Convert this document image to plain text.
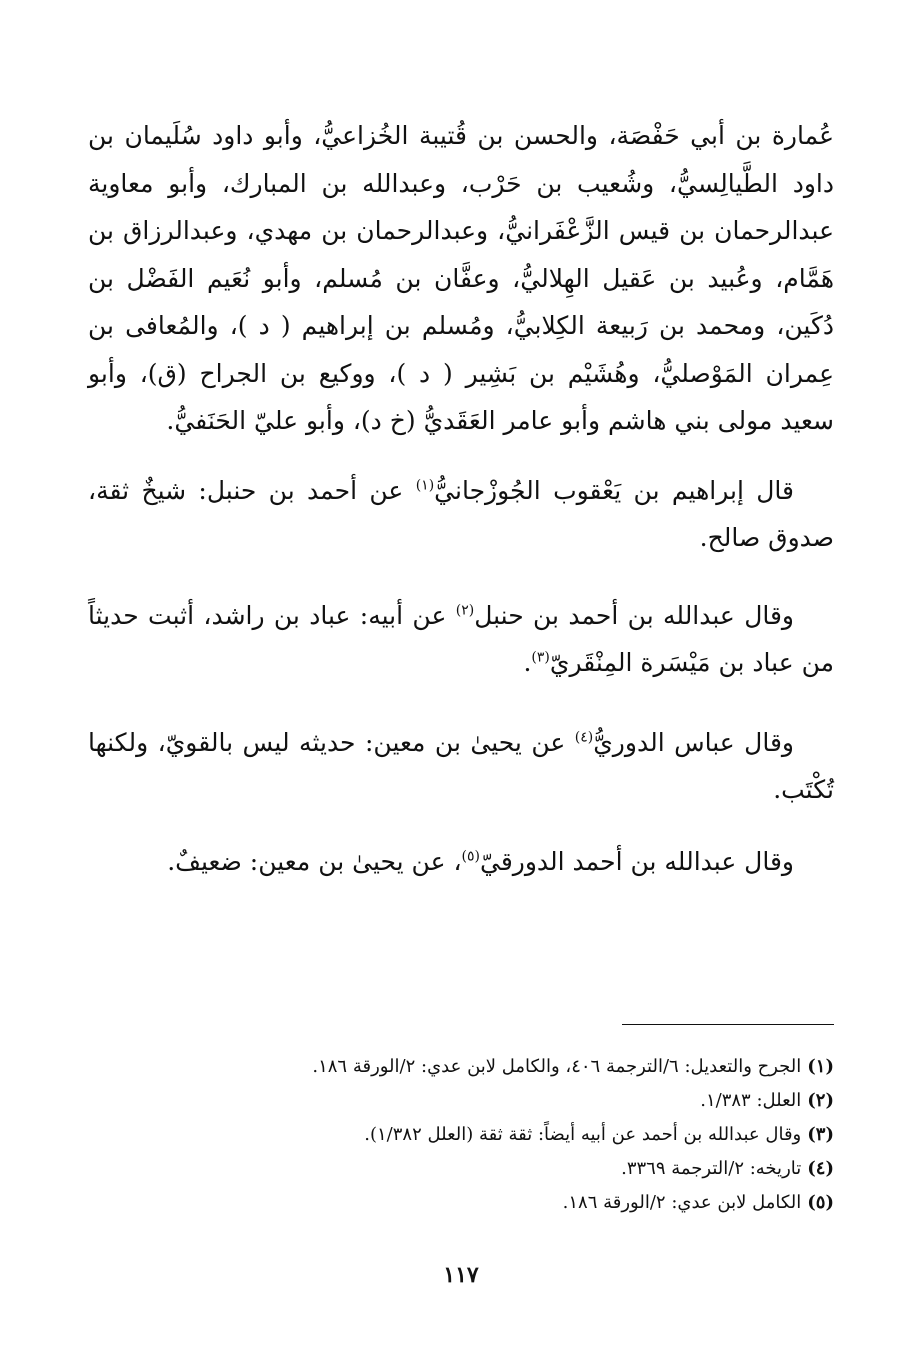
عُمارة بن أبي حَفْصَة، والحسن بن قُتيبة الخُزاعيُّ، وأبو داود سُلَيمان بن داود الطَّيالِسيُّ، وشُعيب بن حَرْب، وعبدالله بن المبارك، وأبو معاوية عبدالرحمان بن قيس الزَّعْفَرانيُّ، وعبدالرحمان بن مهدي، وعبدالرزاق بن هَمَّام، وعُبيد بن عَقيل الهِلاليُّ، وعفَّان بن مُسلم، وأبو نُعَيم الفَضْل بن دُكَين، ومحمد بن رَبيعة الكِلابيُّ، ومُسلم بن إبراهيم ( د )، والمُعافى بن عِمران المَوْصليُّ، وهُشَيْم بن بَشِير ( د )، ووكيع بن الجراح (ق)، وأبو سعيد مولى بني هاشم وأبو عامر العَقَديُّ (خ د)، وأبو عليّ الحَنَفيُّ.

قال إبراهيم بن يَعْقوب الجُوزْجانيُّ$^{(١)}$ عن أحمد بن حنبل: شيخٌ ثقة، صدوق صالح.

وقال عبدالله بن أحمد بن حنبل$^{(٢)}$ عن أبيه: عباد بن راشد، أثبت حديثاً من عباد بن مَيْسَرة المِنْقَريّ$^{(٣)}$.

وقال عباس الدوريُّ$^{(٤)}$ عن يحيىٰ بن معين: حديثه ليس بالقويّ، ولكنها تُكْتَب.

وقال عبدالله بن أحمد الدورقيّ$^{(٥)}$، عن يحيىٰ بن معين: ضعيفٌ.

(١)الجرح والتعديل: ٦/الترجمة ٤٠٦، والكامل لابن عدي: ٢/الورقة ١٨٦.
(٢)العلل: ١/٣٨٣.
(٣)وقال عبدالله بن أحمد عن أبيه أيضاً: ثقة ثقة (العلل ١/٣٨٢).
(٤)تاريخه: ٢/الترجمة ٣٣٦٩.
(٥)الكامل لابن عدي: ٢/الورقة ١٨٦.
١١٧
